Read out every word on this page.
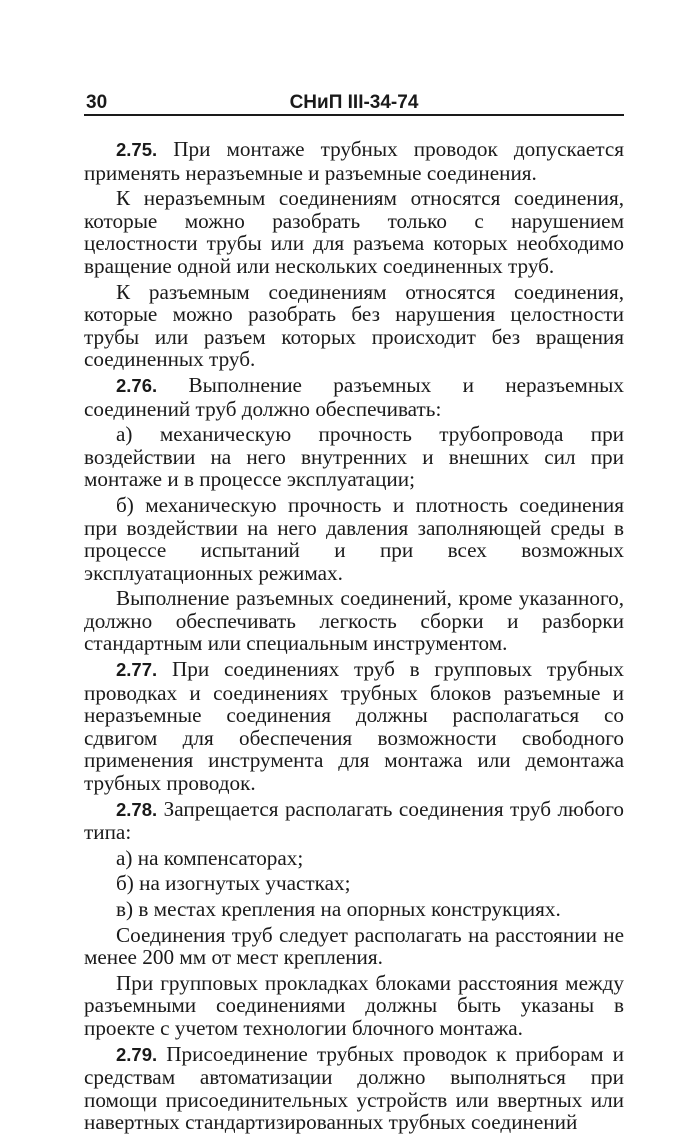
30	СНиП III-34-74

2.75. При монтаже трубных проводок допускается применять неразъемные и разъемные соединения.

К неразъемным соединениям относятся соединения, которые можно разобрать только с нарушением целостности трубы или для разъема которых необходимо вращение одной или нескольких соединенных труб.

К разъемным соединениям относятся соединения, которые можно разобрать без нарушения целостности трубы или разъем которых происходит без вращения соединенных труб.

2.76. Выполнение разъемных и неразъемных соединений труб должно обеспечивать:

а) механическую прочность трубопровода при воздействии на него внутренних и внешних сил при монтаже и в процессе эксплуатации;

б) механическую прочность и плотность соединения при воздействии на него давления заполняющей среды в процессе испытаний и при всех возможных эксплуатационных режимах.

Выполнение разъемных соединений, кроме указанного, должно обеспечивать легкость сборки и разборки стандартным или специальным инструментом.

2.77. При соединениях труб в групповых трубных проводках и соединениях трубных блоков разъемные и неразъемные соединения должны располагаться со сдвигом для обеспечения возможности свободного применения инструмента для монтажа или демонтажа трубных проводок.

2.78. Запрещается располагать соединения труб любого типа:

а) на компенсаторах;

б) на изогнутых участках;

в) в местах крепления на опорных конструкциях.

Соединения труб следует располагать на расстоянии не менее 200 мм от мест крепления.

При групповых прокладках блоками расстояния между разъемными соединениями должны быть указаны в проекте с учетом технологии блочного монтажа.

2.79. Присоединение трубных проводок к приборам и средствам автоматизации должно выполняться при помощи присоединительных устройств или ввертных или навертных стандартизированных трубных соединений
